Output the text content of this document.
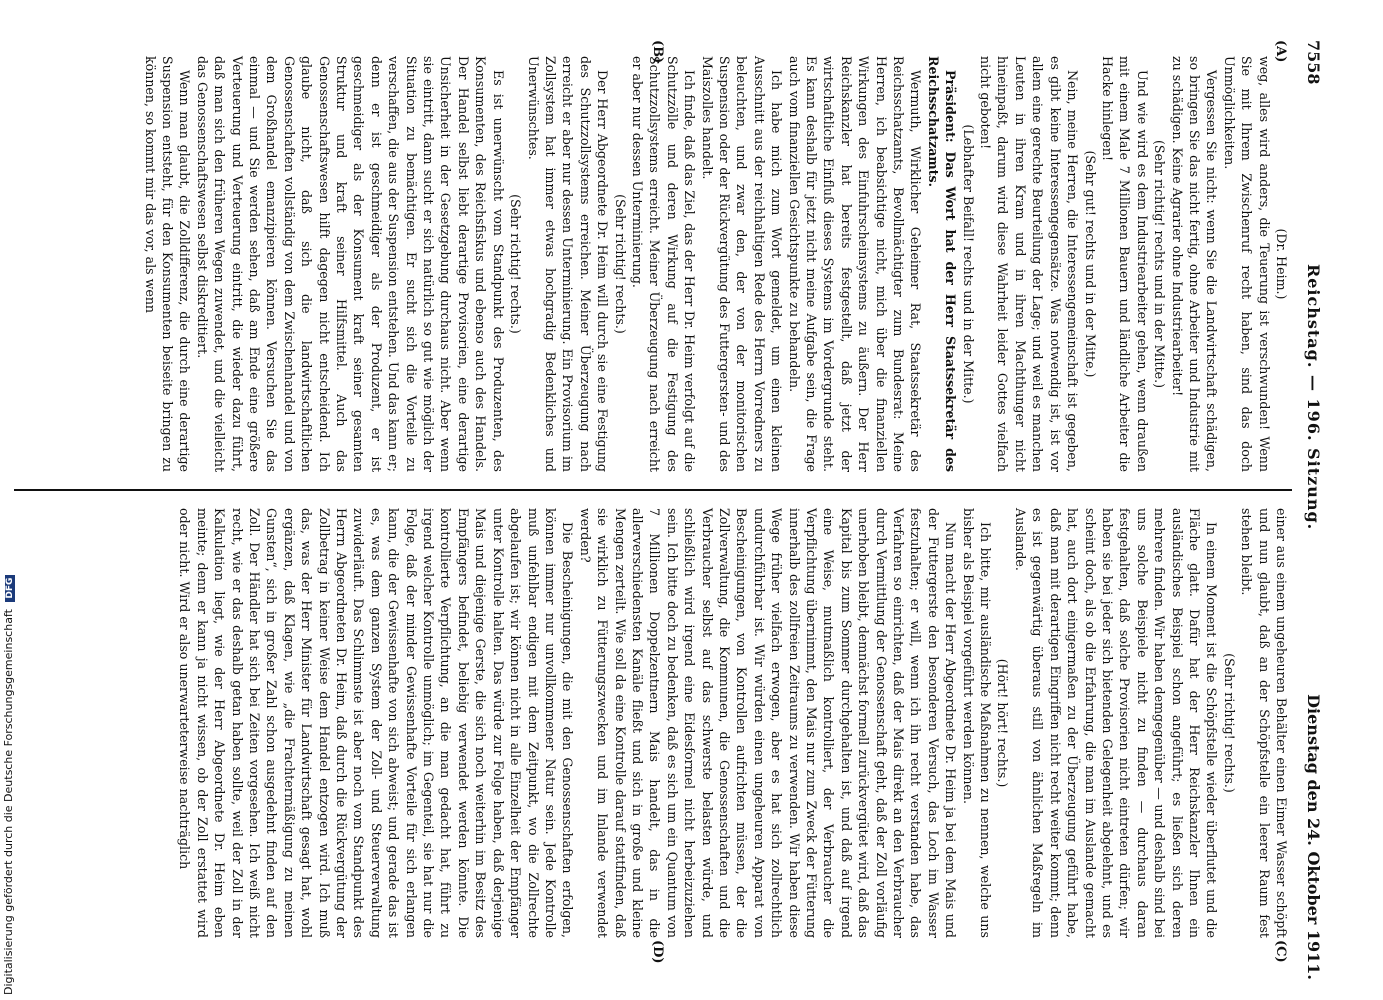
7558
Reichstag. — 196. Sitzung.
Dienstag den 24. Oktober 1911.
(A)
(B)
(C)
(D)

(Dr. Heim.)

weg, alles wird anders, die Teuerung ist verschwunden! Wenn Sie mit Ihrem Zwischenruf recht haben, sind das doch Unmöglichkeiten.

Vergessen Sie nicht: wenn Sie die Landwirtschaft schädigen, so bringen Sie das nicht fertig, ohne Arbeiter und Industrie mit zu schädigen. Keine Agrarier ohne Industriearbeiter!

(Sehr richtig! rechts und in der Mitte.)

Und wie wird es dem Industriearbeiter gehen, wenn draußen mit einem Male 7 Millionen Bauern und ländliche Arbeiter die Hacke hinlegen!

(Sehr gut! rechts und in der Mitte.)

Nein, meine Herren, die Interessengemeinschaft ist gegeben, es gibt keine Interessengegensätze. Was notwendig ist, ist vor allem eine gerechte Beurteilung der Lage; und weil es manchen Leuten in ihren Kram und in ihren Machthunger nicht hineinpaßt, darum wird diese Wahrheit leider Gottes vielfach nicht geboten!

(Lebhafter Beifall! rechts und in der Mitte.)

Präsident: Das Wort hat der Herr Staatssekretär des Reichsschatzamts.

Wermuth, Wirklicher Geheimer Rat, Staatssekretär des Reichsschatzamts, Bevollmächtigter zum Bundesrat: Meine Herren, ich beabsichtige nicht, mich über die finanziellen Wirkungen des Einfuhrscheinsystems zu äußern. Der Herr Reichskanzler hat bereits festgestellt, daß jetzt der wirtschaftliche Einfluß dieses Systems im Vordergrunde steht. Es kann deshalb für jetzt nicht meine Aufgabe sein, die Frage auch vom finanziellen Gesichtspunkte zu behandeln.

Ich habe mich zum Wort gemeldet, um einen kleinen Ausschnitt aus der reichhaltigen Rede des Herrn Vorredners zu beleuchten, und zwar den, der von der monitorischen Suspension oder der Rückvergütung des Futtergersten- und des Maiszolles handelt.

Ich finde, daß das Ziel, das der Herr Dr. Heim verfolgt auf die Schutzzölle und deren Wirkung auf die Festigung des Schutzzollsystems erreicht. Meiner Überzeugung nach erreicht er aber nur dessen Unterminierung.

(Sehr richtig! rechts.)

Der Herr Abgeordnete Dr. Heim will durch sie eine Festigung des Schutzzollsystems erreichen. Meiner Überzeugung nach erreicht er aber nur dessen Unterminierung. Ein Provisorium im Zollsystem hat immer etwas hochgradig Bedenkliches und Unerwünschtes.

(Sehr richtig! rechts.)

Es ist unerwünscht vom Standpunkt des Produzenten, des Konsumenten, des Reichsfiskus und ebenso auch des Handels. Der Handel selbst liebt derartige Provisorien, eine derartige Unsicherheit in der Gesetzgebung durchaus nicht. Aber wenn sie eintritt, dann sucht er sich natürlich so gut wie möglich der Situation zu bemächtigen. Er sucht sich die Vorteile zu verschaffen, die aus der Suspension entstehen. Und das kann er; denn er ist geschmeidiger als der Produzent, er ist geschmeidiger als der Konsument kraft seiner gesamten Struktur und kraft seiner Hilfsmittel. Auch das Genossenschaftswesen hilft dagegen nicht entscheidend. Ich glaube nicht, daß sich die landwirtschaftlichen Genossenschaften vollständig von dem Zwischenhandel und von dem Großhandel emanzipieren können. Versuchen Sie das einmal — und Sie werden sehen, daß am Ende eine größere Verteuerung und Verteuerung eintritt, die wieder dazu führt, daß man sich den früheren Wegen zuwendet, und die vielleicht das Genossenschaftswesen selbst diskreditiert.

Wenn man glaubt, die Zolldifferenz, die durch eine derartige Suspension entsteht, für den Konsumenten beiseite bringen zu können, so kommt mir das vor, als wenn

einer aus einem ungeheuren Behälter einen Eimer Wasser schöpft und nun glaubt, daß an der Schöpfstelle ein leerer Raum fest stehen bleibt.

(Sehr richtig! rechts.)

In einem Moment ist die Schöpfstelle wieder überflutet und die Fläche glatt. Dafür hat der Herr Reichskanzler Ihnen ein ausländisches Beispiel schon angeführt; es ließen sich deren mehrere finden. Wir haben demgegenüber — und deshalb sind bei uns solche Beispiele nicht zu finden — durchaus daran festgehalten, daß solche Provisorien nicht eintreten dürfen; wir haben sie bei jeder sich bietenden Gelegenheit abgelehnt, und es scheint doch, als ob die Erfahrung, die man im Auslande gemacht hat, auch dort einigermaßen zu der Überzeugung geführt habe, daß man mit derartigen Eingriffen nicht recht weiter kommt; denn es ist gegenwärtig überaus still von ähnlichen Maßregeln im Auslande.

(Hört! hört! rechts.)

Ich bitte, mir ausländische Maßnahmen zu nennen, welche uns bisher als Beispiel vorgeführt werden können.

Nun macht der Herr Abgeordnete Dr. Heim ja bei dem Mais und der Futtergerste den besonderen Versuch, das Loch im Wasser festzuhalten; er will, wenn ich ihn recht verstanden habe, das Verfahren so einrichten, daß der Mais direkt an den Verbraucher durch Vermittlung der Genossenschaft geht, daß der Zoll vorläufig unerhoben bleibt, demnächst formell zurückvergütet wird, daß das Kapital bis zum Sommer durchgehalten ist, und daß auf irgend eine Weise, mutmaßlich kontrolliert, der Verbraucher die Verpflichtung übernimmt, den Mais nur zum Zweck der Fütterung innerhalb des zollfreien Zeitraums zu verwenden. Wir haben diese Wege früher vielfach erwogen, aber es hat sich zollrechtlich undurchführbar ist. Wir würden einen ungeheuren Apparat von Bescheinigungen, von Kontrollen aufrichten müssen, der die Zollverwaltung, die Kommunen, die Genossenschaften und die Verbraucher selbst auf das schwerste belasten würde, und schließlich wird irgend eine Eidesformel nicht herbeizuziehen sein. Ich bitte doch zu bedenken, daß es sich um ein Quantum von 7 Millionen Doppelzentnern Mais handelt, das in die allerverschiedensten Kanäle fließt und sich in große und kleine Mengen zerteilt. Wie soll da eine Kontrolle darauf stattfinden, daß sie wirklich zu Fütterungszwecken und im Inlande verwendet werden?

Die Bescheinigungen, die mit den Genossenschaften erfolgen, können immer nur unvollkommener Natur sein. Jede Kontrolle muß unfehlbar endigen mit dem Zeitpunkt, wo die Zollrechte abgelaufen ist; wir können nicht in alle Einzelheit der Empfänger unter Kontrolle halten. Das würde zur Folge haben, daß derjenige Mais und diejenige Gerste, die sich noch weiterhin im Besitz des Empfängers befindet, beliebig verwendet werden könnte. Die kontrollierte Verpflichtung, an die man gedacht hat, führt zu irgend welcher Kontrolle unmöglich; im Gegenteil, sie hat nur die Folge, daß der minder Gewissenhafte Vorteile für sich erlangen kann, die der Gewissenhafte von sich abweist; und gerade das ist es, was dem ganzen System der Zoll- und Steuerverwaltung zuwiderläuft. Das Schlimmste ist aber noch vom Standpunkt des Herrn Abgeordneten Dr. Heim, daß durch die Rückvergütung der Zollbetrag in keiner Weise dem Handel entzogen wird. Ich muß das, was der Herr Minister für Landwirtschaft gesagt hat, wohl ergänzen, daß Klagen, wie „die Frachtermäßigung zu meinen Gunsten“, sich in großer Zahl schon ausgedehnt finden auf den Zoll. Der Händler hat sich bei Zeiten vorgesehen. Ich weiß nicht recht, wie er das deshalb getan haben sollte, weil der Zoll in der Kalkulation liegt, wie der Herr Abgeordnete Dr. Heim eben meinte; denn er kann ja nicht wissen, ob der Zoll erstattet wird oder nicht. Wird er also unerwarteterweise nachträglich

Digitalisierung gefördert durch die Deutsche Forschungsgemeinschaft DFG
